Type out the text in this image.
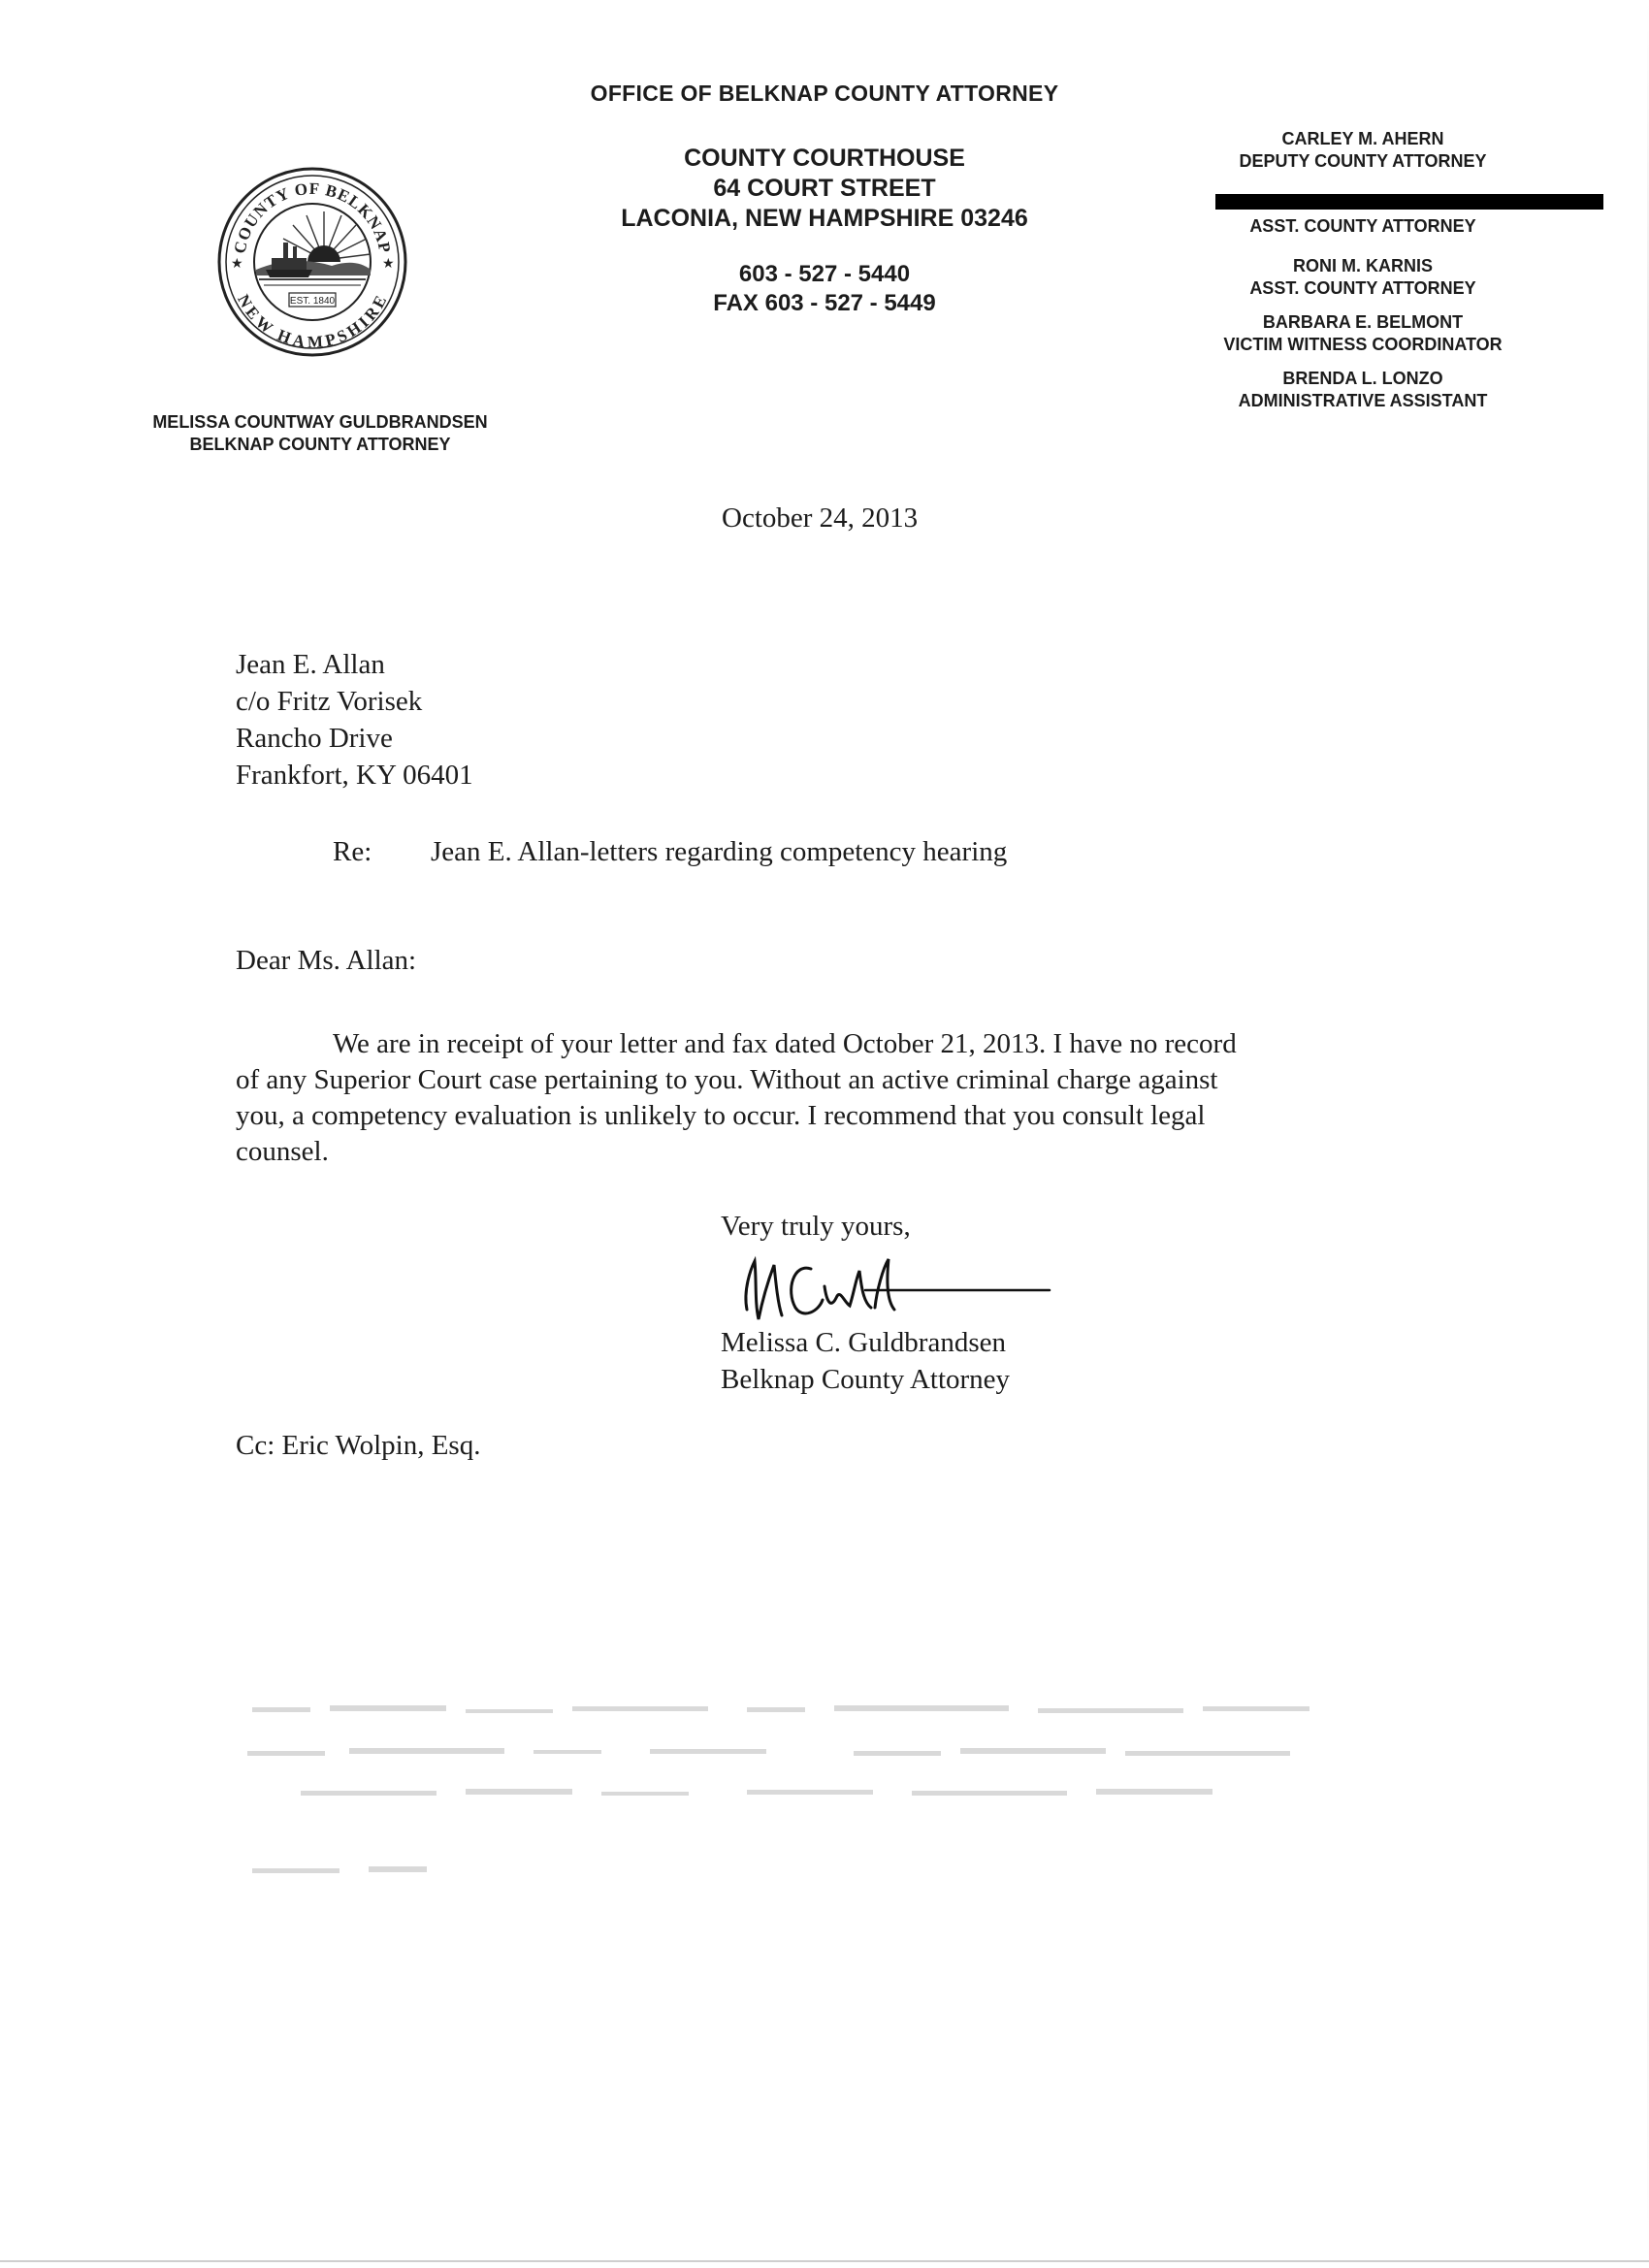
OFFICE OF BELKNAP COUNTY ATTORNEY
COUNTY COURTHOUSE
64 COURT STREET
LACONIA, NEW HAMPSHIRE 03246
603 - 527 - 5440
FAX 603 - 527 - 5449
COUNTY OF BELKNAP
NEW HAMPSHIRE
★	★
EST. 1840
MELISSA COUNTWAY GULDBRANDSEN
BELKNAP COUNTY ATTORNEY
CARLEY M. AHERN
DEPUTY COUNTY ATTORNEY
ASST. COUNTY ATTORNEY
RONI M. KARNIS
ASST. COUNTY ATTORNEY
BARBARA E. BELMONT
VICTIM WITNESS COORDINATOR
BRENDA L. LONZO
ADMINISTRATIVE ASSISTANT
October 24, 2013
Jean E. Allan
c/o Fritz Vorisek
Rancho Drive
Frankfort, KY 06401
Re: Jean E. Allan-letters regarding competency hearing
Dear Ms. Allan:
We are in receipt of your letter and fax dated October 21, 2013. I have no record
of any Superior Court case pertaining to you. Without an active criminal charge against
you, a competency evaluation is unlikely to occur. I recommend that you consult legal
counsel.
Very truly yours,
Melissa C. Guldbrandsen
Belknap County Attorney
Cc: Eric Wolpin, Esq.
